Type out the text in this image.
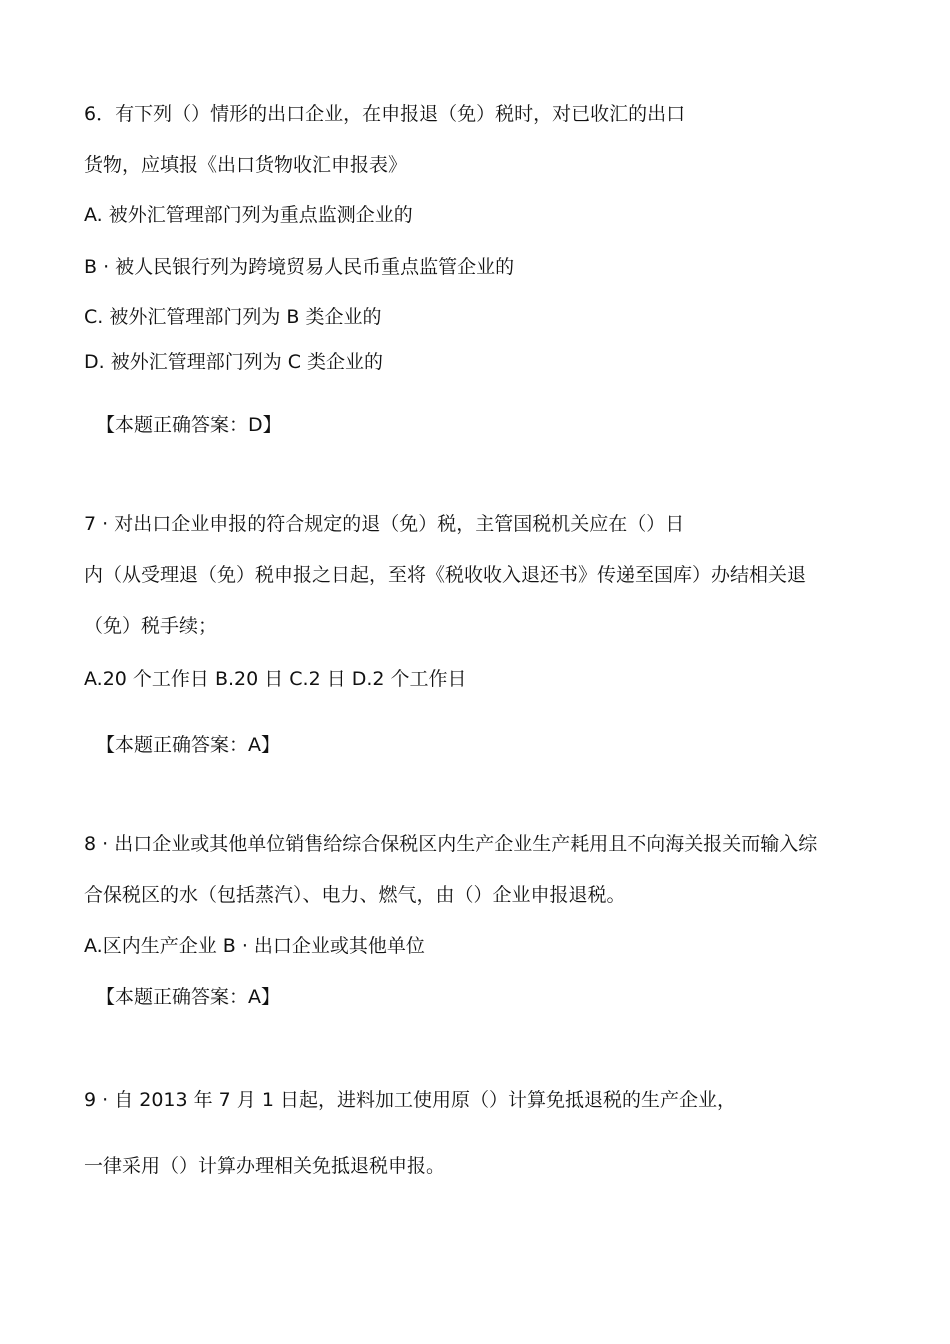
6．有下列（）情形的出口企业，在申报退（免）税时，对已收汇的出口
货物，应填报《出口货物收汇申报表》
A. 被外汇管理部门列为重点监测企业的
B · 被人民银行列为跨境贸易人民币重点监管企业的
C. 被外汇管理部门列为 B 类企业的
D. 被外汇管理部门列为 C 类企业的
【本题正确答案：D】
7 · 对出口企业申报的符合规定的退（免）税，主管国税机关应在（）日
内（从受理退（免）税申报之日起，至将《税收收入退还书》传递至国库）办结相关退
（免）税手续；
A.20 个工作日 B.20 日 C.2 日 D.2 个工作日
【本题正确答案：A】
8 · 出口企业或其他单位销售给综合保税区内生产企业生产耗用且不向海关报关而输入综
合保税区的水（包括蒸汽）、电力、燃气，由（）企业申报退税。
A.区内生产企业 B · 出口企业或其他单位
【本题正确答案：A】
9 · 自 2013 年 7 月 1 日起，进料加工使用原（）计算免抵退税的生产企业，
一律采用（）计算办理相关免抵退税申报。
